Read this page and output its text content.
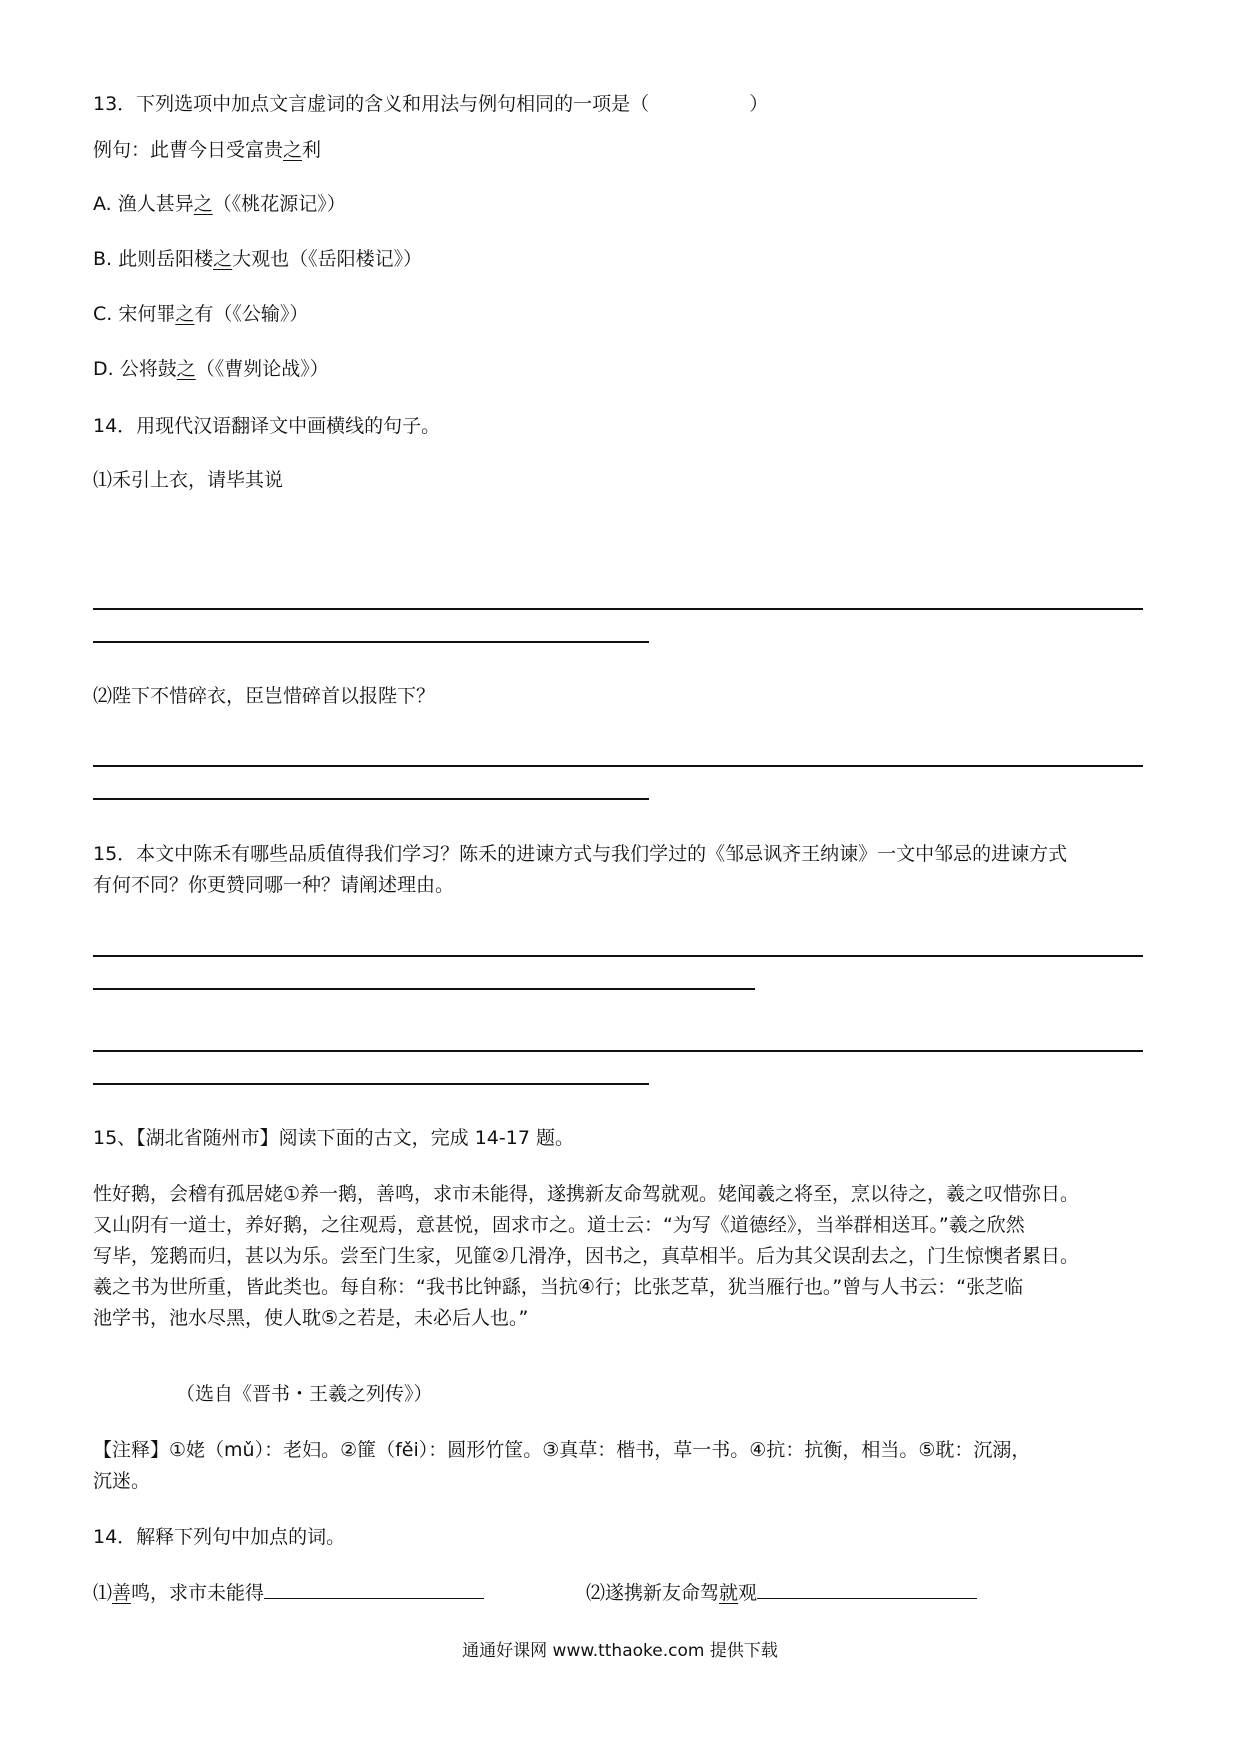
13．下列选项中加点文言虚词的含义和用法与例句相同的一项是（	）
例句：此曹今日受富贵之利
A. 渔人甚异之（《桃花源记》）
B. 此则岳阳楼之大观也（《岳阳楼记》）
C. 宋何罪之有（《公输》）
D. 公将鼓之（《曹刿论战》）
14．用现代汉语翻译文中画横线的句子。
⑴禾引上衣，请毕其说
⑵陛下不惜碎衣，臣岂惜碎首以报陛下？
15．本文中陈禾有哪些品质值得我们学习？陈禾的进谏方式与我们学过的《邹忌讽齐王纳谏》一文中邹忌的进谏方式
有何不同？你更赞同哪一种？请阐述理由。
15、【湖北省随州市】阅读下面的古文，完成 14-17 题。
性好鹅，会稽有孤居姥①养一鹅，善鸣，求市未能得，遂携新友命驾就观。姥闻羲之将至，烹以待之，羲之叹惜弥日。
又山阴有一道士，养好鹅，之往观焉，意甚悦，固求市之。道士云：“为写《道德经》，当举群相送耳。”羲之欣然
写毕，笼鹅而归，甚以为乐。尝至门生家，见篚②几滑净，因书之，真草相半。后为其父误刮去之，门生惊懊者累日。
羲之书为世所重，皆此类也。每自称：“我书比钟繇，当抗④行；比张芝草，犹当雁行也。”曾与人书云：“张芝临
池学书，池水尽黑，使人耽⑤之若是，未必后人也。”
（选自《晋书・王羲之列传》）
【注释】①姥（mǔ）：老妇。②篚（fěi）：圆形竹筐。③真草：楷书，草一书。④抗：抗衡，相当。⑤耽：沉溺，
沉迷。
14．解释下列句中加点的词。
⑴善鸣，求市未能得	⑵遂携新友命驾就观
通通好课网 www.tthaoke.com 提供下载
